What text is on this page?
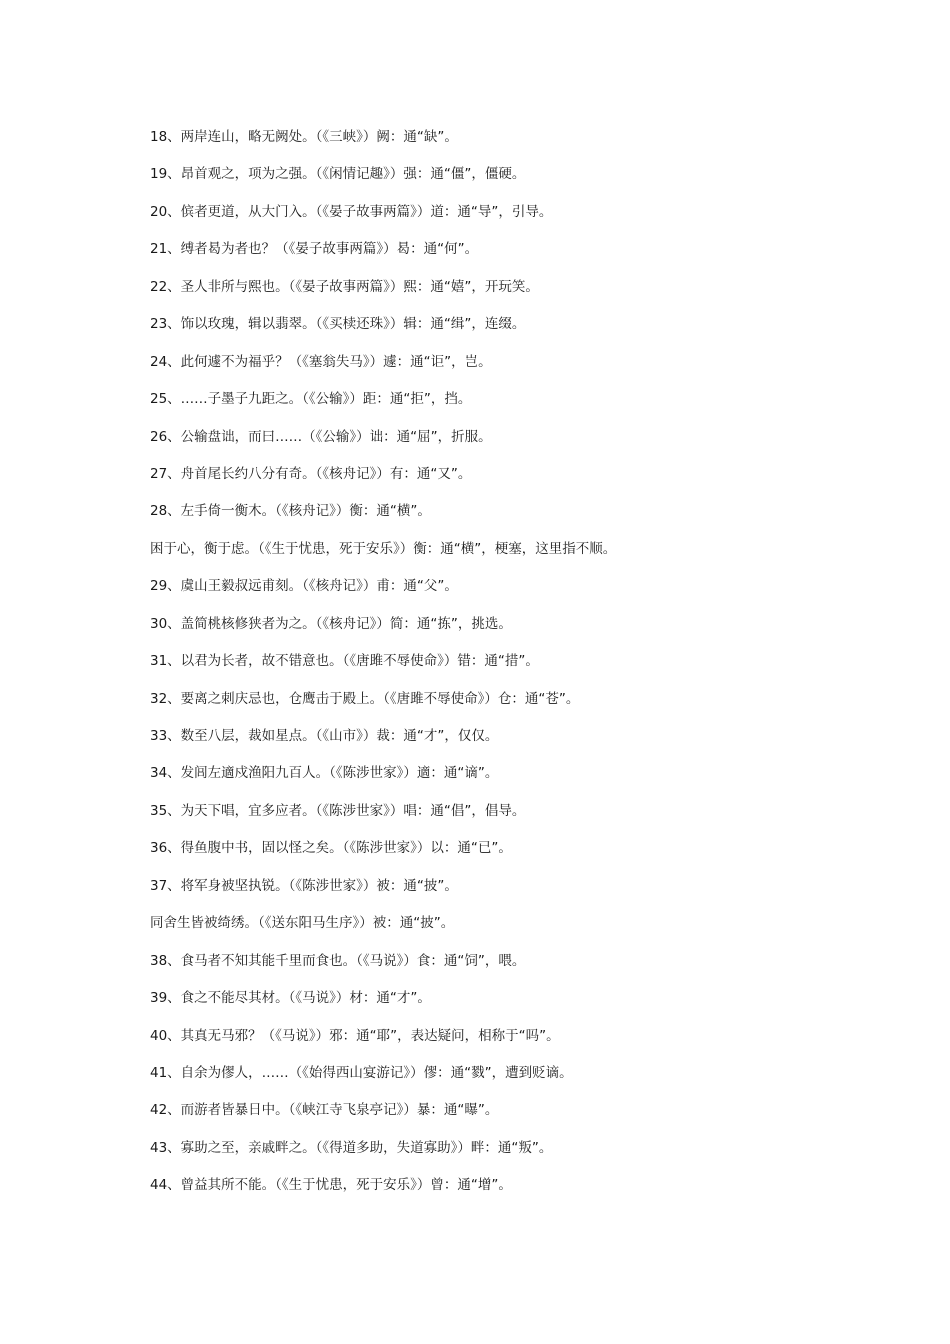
18、两岸连山，略无阙处。（《三峡》）阙：通“缺”。
19、昂首观之，项为之强。（《闲情记趣》）强：通“僵”，僵硬。
20、傧者更道，从大门入。（《晏子故事两篇》）道：通“导”，引导。
21、缚者曷为者也？（《晏子故事两篇》）曷：通“何”。
22、圣人非所与熙也。（《晏子故事两篇》）熙：通“嬉”，开玩笑。
23、饰以玫瑰，辑以翡翠。（《买椟还珠》）辑：通“缉”，连缀。
24、此何遽不为福乎？（《塞翁失马》）遽：通“讵”，岂。
25、……子墨子九距之。（《公输》）距：通“拒”，挡。
26、公输盘诎，而曰……（《公输》）诎：通“屈”，折服。
27、舟首尾长约八分有奇。（《核舟记》）有：通“又”。
28、左手倚一衡木。（《核舟记》）衡：通“横”。
困于心，衡于虑。（《生于忧患，死于安乐》）衡：通“横”，梗塞，这里指不顺。
29、虞山王毅叔远甫刻。（《核舟记》）甫：通“父”。
30、盖简桃核修狭者为之。（《核舟记》）简：通“拣”，挑选。
31、以君为长者，故不错意也。（《唐雎不辱使命》）错：通“措”。
32、要离之刺庆忌也，仓鹰击于殿上。（《唐雎不辱使命》）仓：通“苍”。
33、数至八层，裁如星点。（《山市》）裁：通“才”，仅仅。
34、发闾左適戍渔阳九百人。（《陈涉世家》）適：通“谪”。
35、为天下唱，宜多应者。（《陈涉世家》）唱：通“倡”，倡导。
36、得鱼腹中书，固以怪之矣。（《陈涉世家》）以：通“已”。
37、将军身被坚执锐。（《陈涉世家》）被：通“披”。
同舍生皆被绮绣。（《送东阳马生序》）被：通“披”。
38、食马者不知其能千里而食也。（《马说》）食：通“饲”，喂。
39、食之不能尽其材。（《马说》）材：通“才”。
40、其真无马邪？（《马说》）邪：通“耶”，表达疑问，相称于“吗”。
41、自余为僇人，……（《始得西山宴游记》）僇：通“戮”，遭到贬谪。
42、而游者皆暴日中。（《峡江寺飞泉亭记》）暴：通“曝”。
43、寡助之至，亲戚畔之。（《得道多助，失道寡助》）畔：通“叛”。
44、曾益其所不能。（《生于忧患，死于安乐》）曾：通“增”。
